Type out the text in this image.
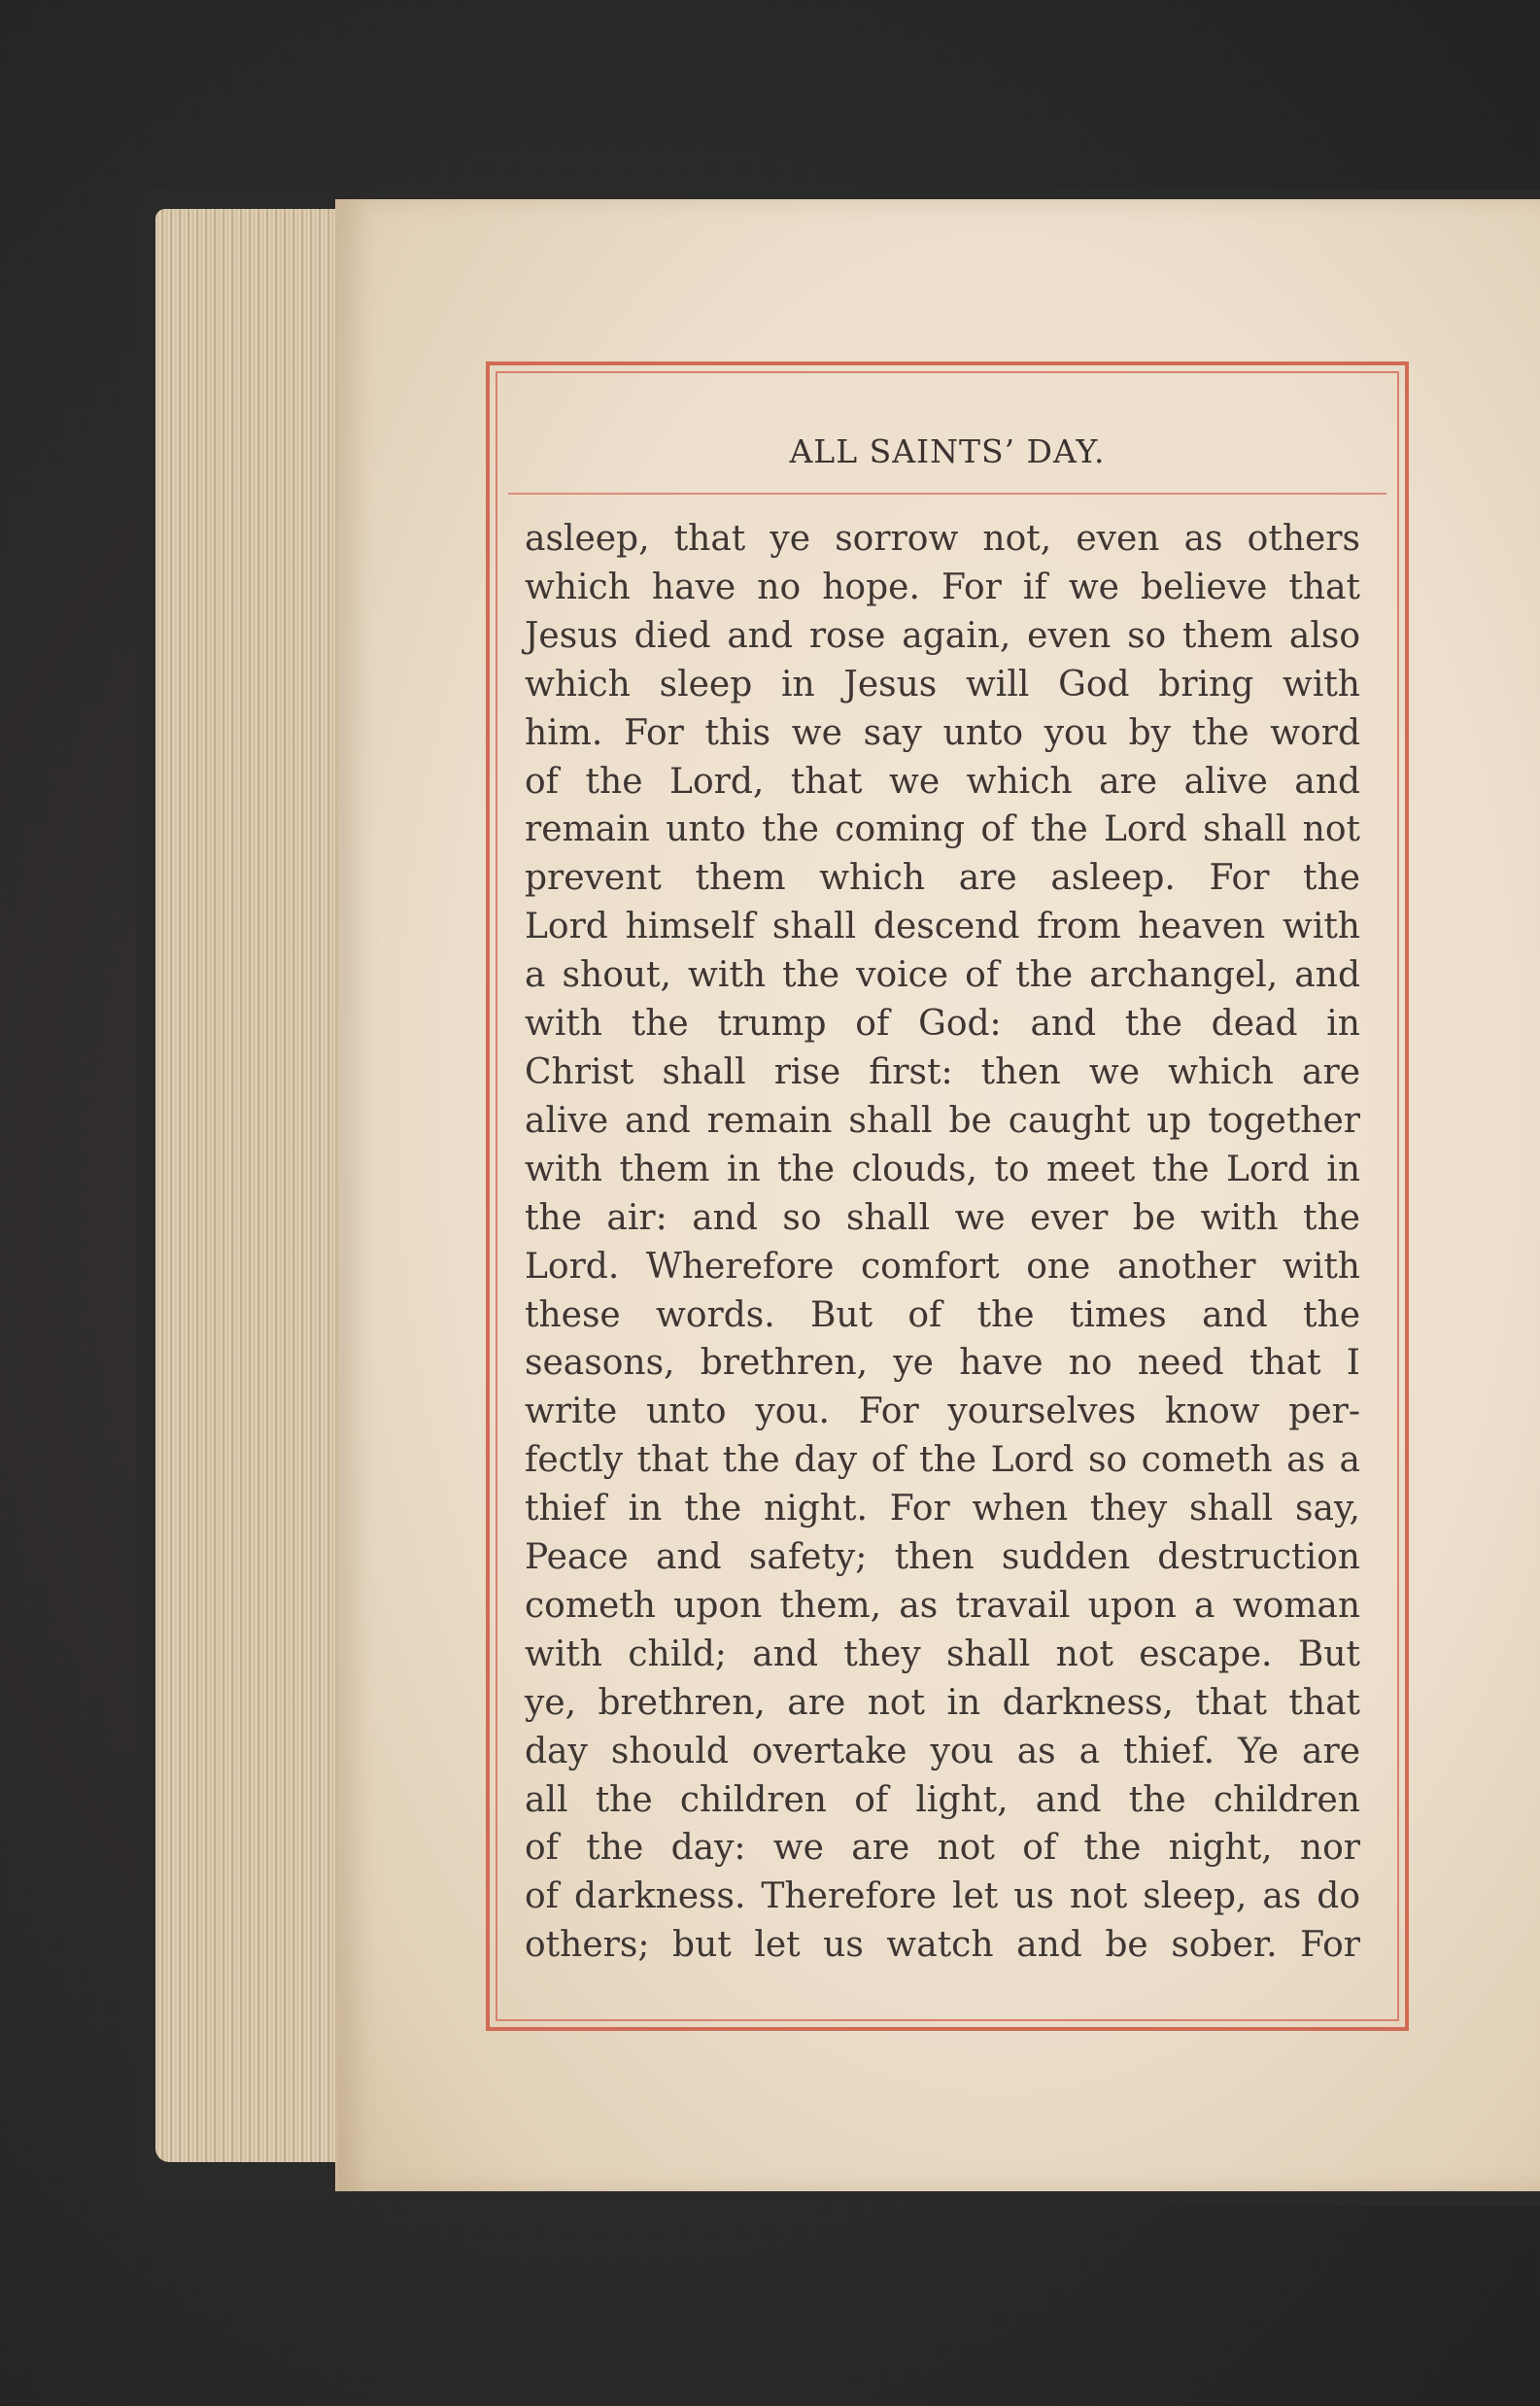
ALL SAINTS’ DAY.

asleep, that ye sorrow not, even as others
which have no hope. For if we believe that
Jesus died and rose again, even so them also
which sleep in Jesus will God bring with
him. For this we say unto you by the word
of the Lord, that we which are alive and
remain unto the coming of the Lord shall not
prevent them which are asleep. For the
Lord himself shall descend from heaven with
a shout, with the voice of the archangel, and
with the trump of God: and the dead in
Christ shall rise first: then we which are
alive and remain shall be caught up together
with them in the clouds, to meet the Lord in
the air: and so shall we ever be with the
Lord. Wherefore comfort one another with
these words. But of the times and the
seasons, brethren, ye have no need that I
write unto you. For yourselves know per-
fectly that the day of the Lord so cometh as a
thief in the night. For when they shall say,
Peace and safety; then sudden destruction
cometh upon them, as travail upon a woman
with child; and they shall not escape. But
ye, brethren, are not in darkness, that that
day should overtake you as a thief. Ye are
all the children of light, and the children
of the day: we are not of the night, nor
of darkness. Therefore let us not sleep, as do
others; but let us watch and be sober. For
